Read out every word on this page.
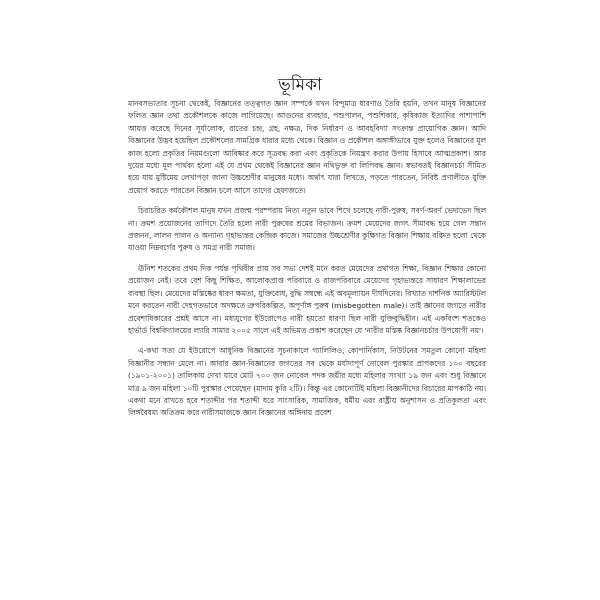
ভূমিকা

মানবসভ্যতার সূচনা থেকেই, বিজ্ঞানের তত্ত্বগত জ্ঞান সম্পর্কে যখন বিন্দুমাত্র ধারণাও তৈরি হয়নি, তখন মানুষ বিজ্ঞানের ফলিত জ্ঞান তথা প্রকৌশলকে কাজে লাগিয়েছে। আগুনের ব্যবহার, পশুপালন, পশুশিকার, কৃষিকাজ ইত্যাদির পাশাপাশি আয়ত্ত করেছে দিনের সূর্যালোক, রাতের চন্দ্র, গ্রহ, নক্ষত্র, দিক নির্ধারণ ও আবহবিদ্যা সংক্রান্ত প্রায়োগিক জ্ঞান। আদি বিজ্ঞানের উদ্ভব হয়েছিল প্রকৌশলের সামগ্রিক ধারার মধ্যে থেকে। বিজ্ঞান ও প্রকৌশল অঙ্গাঙ্গীভাবে যুক্ত হলেও বিজ্ঞানের মূল কাজ হলো প্রকৃতির নিয়মগুলো আবিষ্কার করে সূত্রবদ্ধ করা এবং প্রকৃতিকে নিয়ন্ত্রণ করার উপায় হিসাবে আত্মপ্রকাশ। আর দুয়ের মধ্যে মূল পার্থক্য হলো এই যে প্রথম থেকেই বিজ্ঞানের জ্ঞান নথিভুক্ত বা লিপিবদ্ধ জ্ঞান। স্বভাবতই বিজ্ঞানচর্চা সীমিত হয়ে যায় মুষ্টিমেয় লেখাপড়া জানা উচ্চশ্রেণীর মানুষের মধ্যে। অর্থাৎ যারা লিখতে, পড়তে পারতেন, নিবিষ্ট প্রণালীতে যুক্তি প্রয়োগ করতে পারতেন বিজ্ঞান চলে আসে তাদের হেফাজতে।

চিরাচরিত কর্মকৌশল মানুষ যখন প্রজন্ম পরম্পরায় নিত্য নতুন ভাবে শিখে চলেছে নারী-পুরুষ, সবর্ণ-অবর্ণ ভেদাভেদ ছিল না। ক্রমশ প্রয়োজনের তাগিদে তৈরি হলো নারী পুরুষের শ্রমের বিভাজন। ক্রমশ মেয়েদের জগৎ সীমাবদ্ধ হয়ে গেল সন্তান প্রজনন, লালন পালন ও অন্যান্য গৃহাভ্যন্তর কেন্দ্রিক কাজে। সমাজের উচ্চশ্রেণীর কুক্ষিগত বিজ্ঞান শিক্ষায় বঞ্চিত হলো থেকে যাওয়া নিম্নবর্গের পুরুষ ও সমগ্র নারী সমাজ।

ঊনিশ শতকের প্রথম দিক পর্যন্ত পৃথিবীর প্রায় সব সভ্য দেশই মনে করত মেয়েদের প্রথাগত শিক্ষা, বিজ্ঞান শিক্ষার কোনো প্রয়োজন নেই। তবে বেশ কিছু শিক্ষিত, আলোকপ্রাপ্ত পরিবারে ও রাজপরিবারে মেয়েদের গৃহাভ্যন্তরে সাধারণ শিক্ষালাভের ব্যবস্থা ছিল। মেয়েদের মস্তিষ্কের ধারণ ক্ষমতা, যুক্তিবোধ, বুদ্ধি সম্বন্ধে এই অবমূল্যায়ন দীর্ঘদিনের। বিখ্যাত দার্শনিক অ্যারিস্টটল মনে করতেন নারী দেহগতভাবে অদক্ষতে ত্রুপরিকল্পিত, অপূর্ণাঙ্গ পুরুষ (misbegotten male)। তাই জ্ঞানের জগতে নারীর প্রবেশাধিকারের প্রশ্নই আসে না। মধ্যযুগের ইউরোপেও নারী হয়তো ধারণা ছিল নারী যুক্তিবুদ্ধিহীন। এই একবিংশ শতকেও হার্ভার্ড বিশ্ববিদ্যালয়ের ল্যারি সামার ২০০৫ সালে এই অভিমত প্রকাশ করেছেন যে 'নারীর মস্তিষ্ক বিজ্ঞানচর্চার উপযোগী নয়'।

এ-কথা সত্য যে ইউরোপে আধুনিক বিজ্ঞানের সূচনাকালে গ্যালিলিও, কোপার্নিকাস, নিউটনের সমতুল কোনো মহিলা বিজ্ঞানীর সন্ধান মেলে না। আবার জ্ঞান-বিজ্ঞানের জগতের সব থেকে মর্যাদাপূর্ণ নোবেল পুরস্কার প্রাপকদের ১০০ বছরের (১৯০১-২০০১) তালিকায় দেখা যাবে মোট ৭০০ জন নোবেল পদক জয়ীর মধ্যে মহিলার সংখ্যা ১৯ জন এবং শুধু বিজ্ঞানে মাত্র ৯ জন মহিলা ১০টি পুরস্কার পেয়েছেন (মাদাম কুরি ২টি)। কিন্তু এর কোনোটিই মহিলা বিজ্ঞানীদের বিচারের মাপকাঠি নয়। একথা মনে রাখতে হবে শতাব্দীর পর শতাব্দী ধরে সাংসারিক, সামাজিক, ধর্মীয় এবং রাষ্ট্রীয় অনুশাসন ও প্রতিকূলতা এবং লিঙ্গবৈষম্য অতিক্রম করে নারীসমাজকে জ্ঞান বিজ্ঞানের অঙ্গিনায় প্রবেশ
